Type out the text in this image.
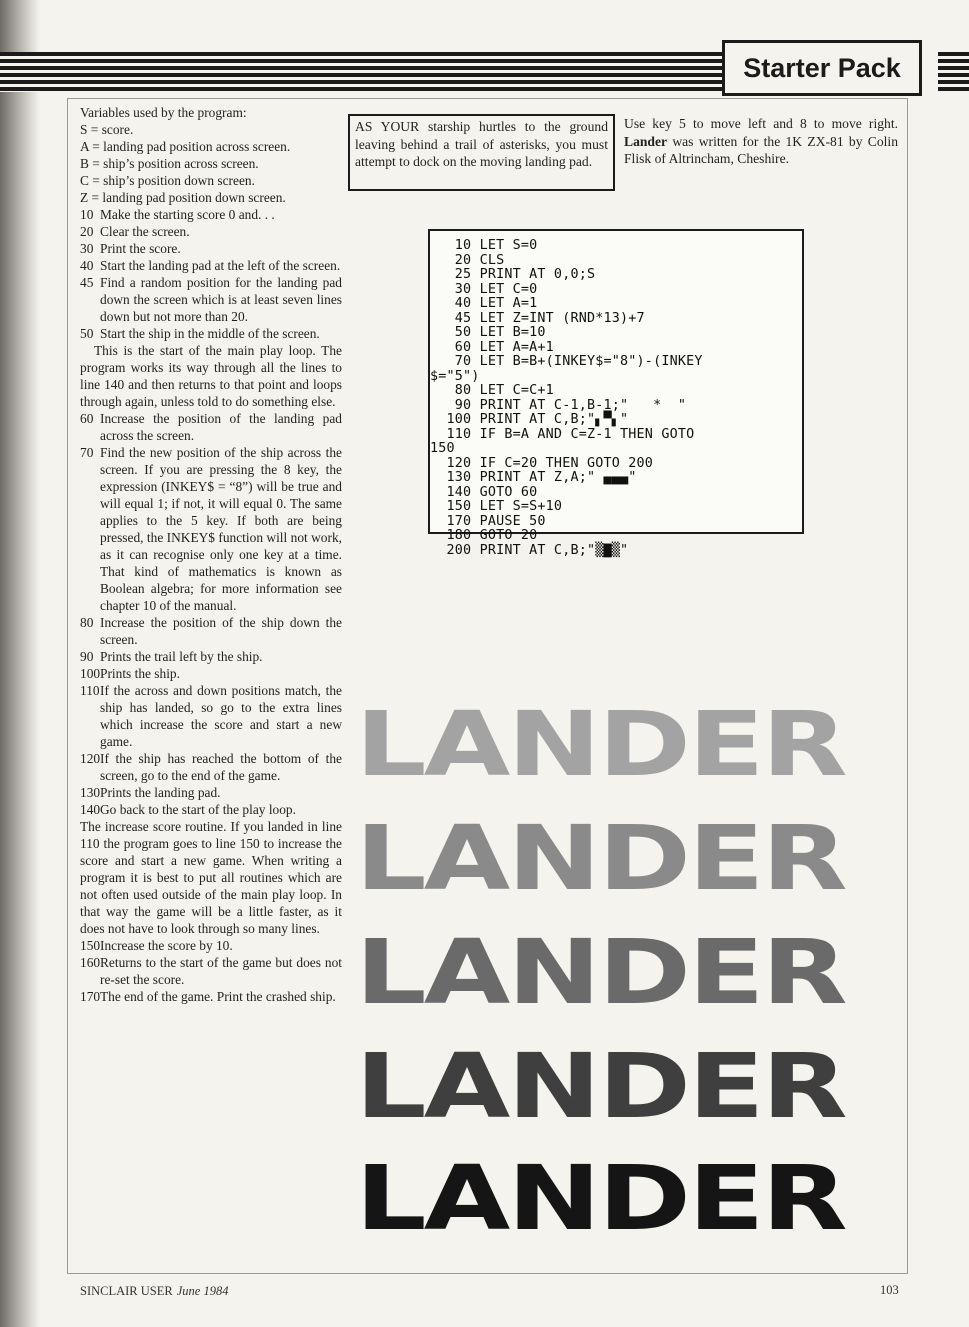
Starter Pack
Variables used by the program:
S = score.
A = landing pad position across screen.
B = ship’s position across screen.
C = ship’s position down screen.
Z = landing pad position down screen.
10 Make the starting score 0 and. . .
20 Clear the screen.
30 Print the score.
40 Start the landing pad at the left of the screen.
45 Find a random position for the landing pad down the screen which is at least seven lines down but not more than 20.
50 Start the ship in the middle of the screen.
This is the start of the main play loop. The program works its way through all the lines to line 140 and then returns to that point and loops through again, unless told to do something else.
60 Increase the position of the landing pad across the screen.
70 Find the new position of the ship across the screen. If you are pressing the 8 key, the expression (INKEY$ = “8”) will be true and will equal 1; if not, it will equal 0. The same applies to the 5 key. If both are being pressed, the INKEY$ function will not work, as it can recognise only one key at a time. That kind of mathematics is known as Boolean algebra; for more information see chapter 10 of the manual.
80 Increase the position of the ship down the screen.
90 Prints the trail left by the ship.
100 Prints the ship.
110 If the across and down positions match, the ship has landed, so go to the extra lines which increase the score and start a new game.
120 If the ship has reached the bottom of the screen, go to the end of the game.
130 Prints the landing pad.
140 Go back to the start of the play loop.
The increase score routine. If you landed in line 110 the program goes to line 150 to increase the score and start a new game. When writing a program it is best to put all routines which are not often used outside of the main play loop. In that way the game will be a little faster, as it does not have to look through so many lines.
150 Increase the score by 10.
160 Returns to the start of the game but does not re-set the score.
170 The end of the game. Print the crashed ship.
AS YOUR starship hurtles to the ground leaving behind a trail of asterisks, you must attempt to dock on the moving landing pad.
Use key 5 to move left and 8 to move right. Lander was written for the 1K ZX-81 by Colin Flisk of Altrincham, Cheshire.
10 LET S=0
20 CLS
25 PRINT AT 0,0;S
30 LET C=0
40 LET A=1
45 LET Z=INT (RND*13)+7
50 LET B=10
60 LET A=A+1
70 LET B=B+(INKEY$="8")-(INKEY
$="5")
80 LET C=C+1
90 PRINT AT C-1,B-1;"   *  "
100 PRINT AT C,B;"▖▀▖"
110 IF B=A AND C=Z-1 THEN GOTO
150
120 IF C=20 THEN GOTO 200
130 PRINT AT Z,A;" ▄▄▄"
140 GOTO 60
150 LET S=S+10
170 PAUSE 50
180 GOTO 20
200 PRINT AT C,B;"▒▇▒"
LANDER
LANDER
LANDER
LANDER
LANDER
SINCLAIR USER June 1984	103
